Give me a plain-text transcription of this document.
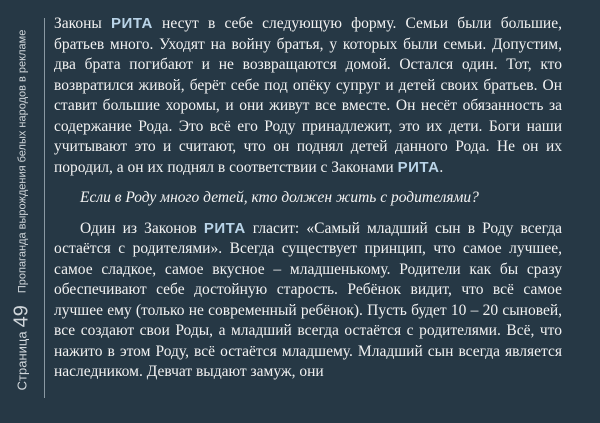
Страница
49
Пропаганда вырождения белых народов в рекламе

Законы РИТА несут в себе следующую форму. Семьи были большие, братьев много. Уходят на войну братья, у которых были семьи. Допустим, два брата погибают и не возвращаются домой. Остался один. Тот, кто возвратился живой, берёт себе под опёку супруг и детей своих братьев. Он ставит большие хоромы, и они живут все вместе. Он несёт обязанность за содержание Рода. Это всё его Роду принадлежит, это их дети. Боги наши учитывают это и считают, что он поднял детей данного Рода. Не он их породил, а он их поднял в соответствии с Законами РИТА.

Если в Роду много детей, кто должен жить с родителями?

Один из Законов РИТА гласит: «Самый младший сын в Роду всегда остаётся с родителями». Всегда существует принцип, что самое лучшее, самое сладкое, самое вкусное – младшенькому. Родители как бы сразу обеспечивают себе достойную старость. Ребёнок видит, что всё самое лучшее ему (только не современный ребёнок). Пусть будет 10 – 20 сыновей, все создают свои Роды, а младший всегда остаётся с родителями. Всё, что нажито в этом Роду, всё остаётся младшему. Младший сын всегда является наследником. Девчат выдают замуж, они
